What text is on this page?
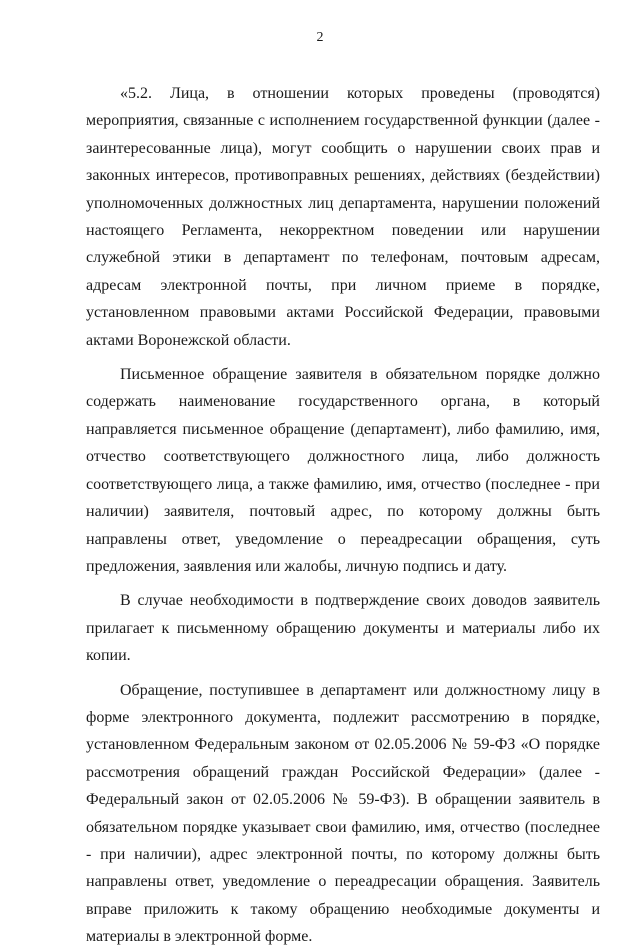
2

«5.2. Лица, в отношении которых проведены (проводятся) мероприятия, связанные с исполнением государственной функции (далее - заинтересованные лица), могут сообщить о нарушении своих прав и законных интересов, противоправных решениях, действиях (бездействии) уполномоченных должностных лиц департамента, нарушении положений настоящего Регламента, некорректном поведении или нарушении служебной этики в департамент по телефонам, почтовым адресам, адресам электронной почты, при личном приеме в порядке, установленном правовыми актами Российской Федерации, правовыми актами Воронежской области.

Письменное обращение заявителя в обязательном порядке должно содержать наименование государственного органа, в который направляется письменное обращение (департамент), либо фамилию, имя, отчество соответствующего должностного лица, либо должность соответствующего лица, а также фамилию, имя, отчество (последнее - при наличии) заявителя, почтовый адрес, по которому должны быть направлены ответ, уведомление о переадресации обращения, суть предложения, заявления или жалобы, личную подпись и дату.

В случае необходимости в подтверждение своих доводов заявитель прилагает к письменному обращению документы и материалы либо их копии.

Обращение, поступившее в департамент или должностному лицу в форме электронного документа, подлежит рассмотрению в порядке, установленном Федеральным законом от 02.05.2006 № 59-ФЗ «О порядке рассмотрения обращений граждан Российской Федерации» (далее - Федеральный закон от 02.05.2006 № 59-ФЗ). В обращении заявитель в обязательном порядке указывает свои фамилию, имя, отчество (последнее - при наличии), адрес электронной почты, по которому должны быть направлены ответ, уведомление о переадресации обращения. Заявитель вправе приложить к такому обращению необходимые документы и материалы в электронной форме.
